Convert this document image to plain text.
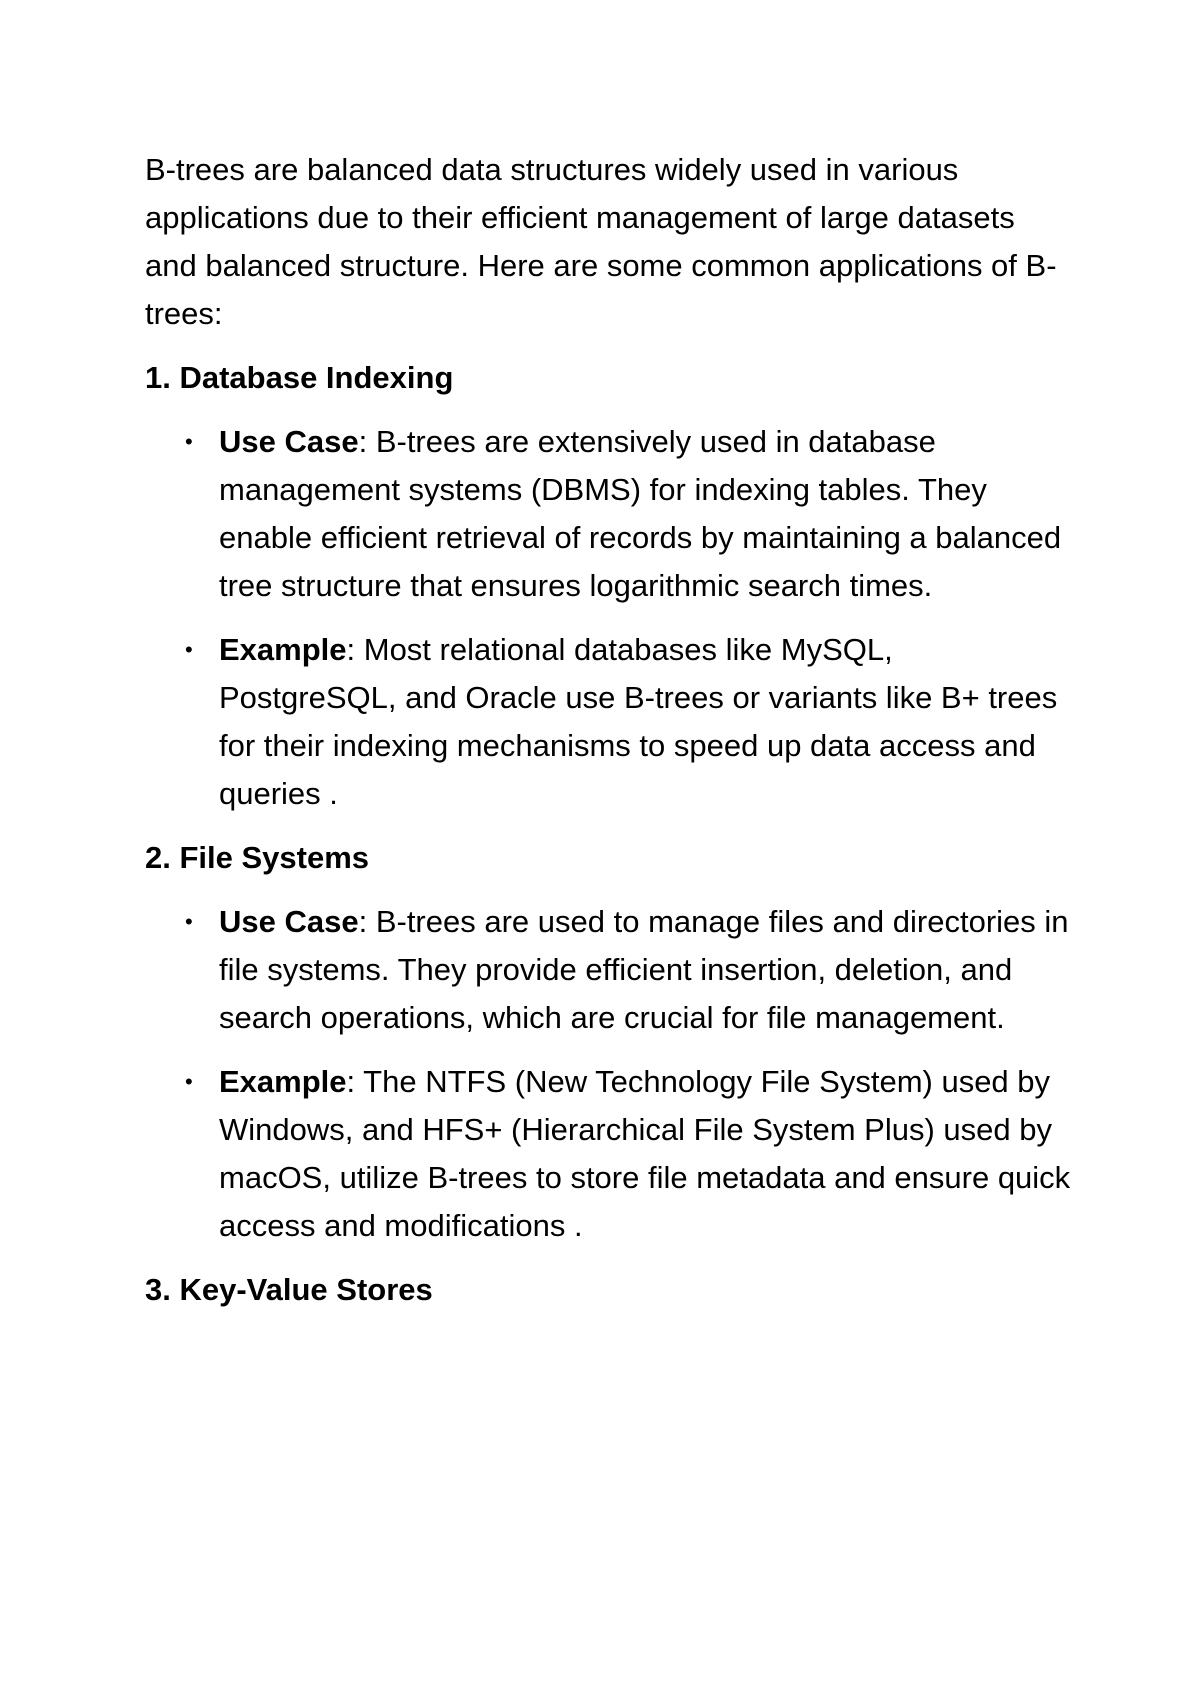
B-trees are balanced data structures widely used in various applications due to their efficient management of large datasets and balanced structure. Here are some common applications of B-trees:

1. Database Indexing
• Use Case: B-trees are extensively used in database management systems (DBMS) for indexing tables. They enable efficient retrieval of records by maintaining a balanced tree structure that ensures logarithmic search times.
• Example: Most relational databases like MySQL, PostgreSQL, and Oracle use B-trees or variants like B+ trees for their indexing mechanisms to speed up data access and queries .
2. File Systems
• Use Case: B-trees are used to manage files and directories in file systems. They provide efficient insertion, deletion, and search operations, which are crucial for file management.
• Example: The NTFS (New Technology File System) used by Windows, and HFS+ (Hierarchical File System Plus) used by macOS, utilize B-trees to store file metadata and ensure quick access and modifications .
3. Key-Value Stores
